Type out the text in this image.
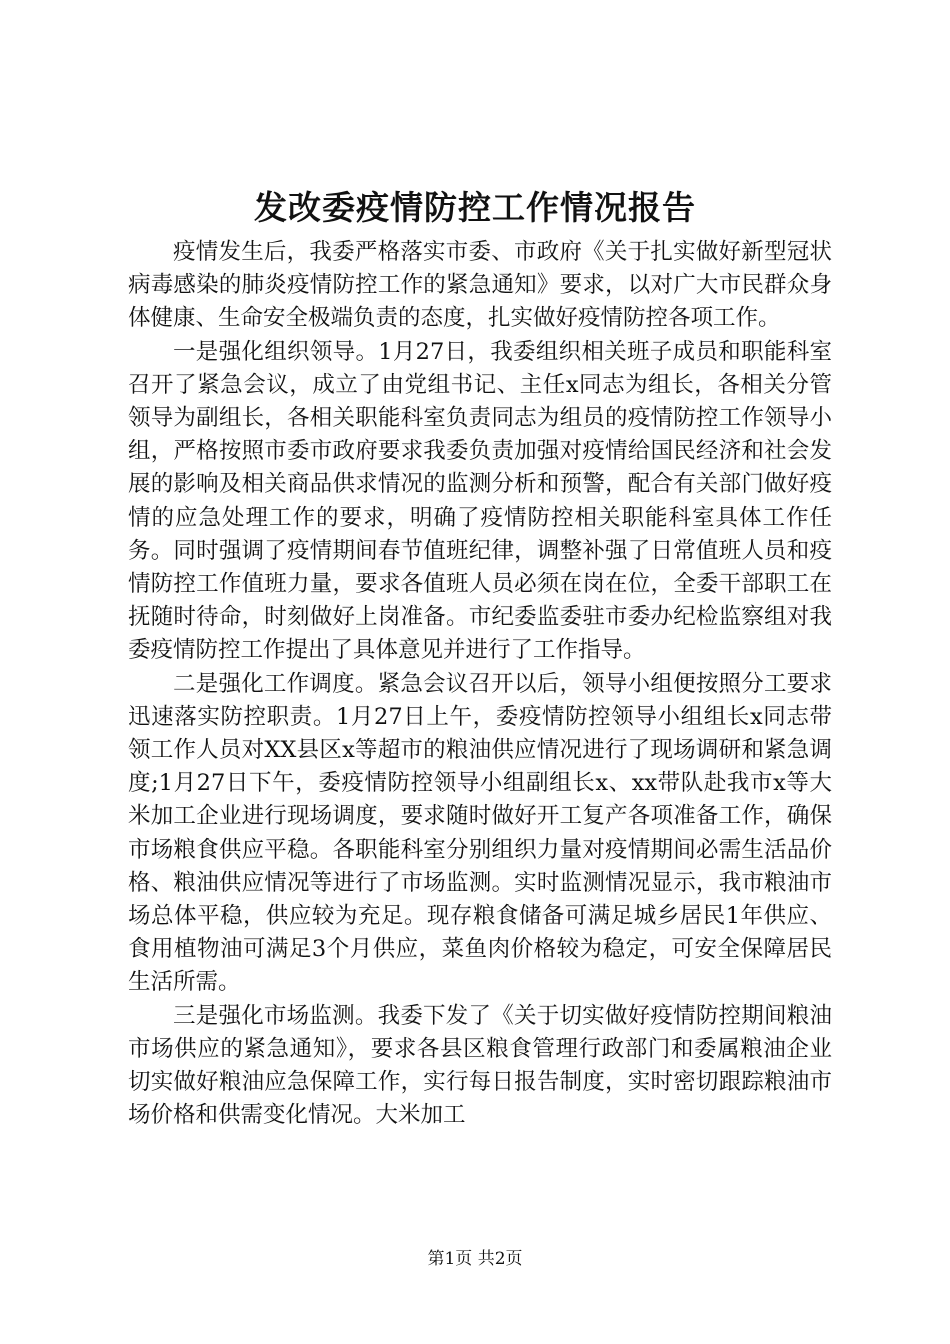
发改委疫情防控工作情况报告

疫情发生后，我委严格落实市委、市政府《关于扎实做好新型冠状病毒感染的肺炎疫情防控工作的紧急通知》要求，以对广大市民群众身体健康、生命安全极端负责的态度，扎实做好疫情防控各项工作。

一是强化组织领导。1月27日，我委组织相关班子成员和职能科室召开了紧急会议，成立了由党组书记、主任x同志为组长，各相关分管领导为副组长，各相关职能科室负责同志为组员的疫情防控工作领导小组，严格按照市委市政府要求我委负责加强对疫情给国民经济和社会发展的影响及相关商品供求情况的监测分析和预警，配合有关部门做好疫情的应急处理工作的要求，明确了疫情防控相关职能科室具体工作任务。同时强调了疫情期间春节值班纪律，调整补强了日常值班人员和疫情防控工作值班力量，要求各值班人员必须在岗在位，全委干部职工在抚随时待命，时刻做好上岗准备。市纪委监委驻市委办纪检监察组对我委疫情防控工作提出了具体意见并进行了工作指导。

二是强化工作调度。紧急会议召开以后，领导小组便按照分工要求迅速落实防控职责。1月27日上午，委疫情防控领导小组组长x同志带领工作人员对XX县区x等超市的粮油供应情况进行了现场调研和紧急调度;1月27日下午，委疫情防控领导小组副组长x、xx带队赴我市x等大米加工企业进行现场调度，要求随时做好开工复产各项准备工作，确保市场粮食供应平稳。各职能科室分别组织力量对疫情期间必需生活品价格、粮油供应情况等进行了市场监测。实时监测情况显示，我市粮油市场总体平稳，供应较为充足。现存粮食储备可满足城乡居民1年供应、食用植物油可满足3个月供应，菜鱼肉价格较为稳定，可安全保障居民生活所需。

三是强化市场监测。我委下发了《关于切实做好疫情防控期间粮油市场供应的紧急通知》，要求各县区粮食管理行政部门和委属粮油企业切实做好粮油应急保障工作，实行每日报告制度，实时密切跟踪粮油市场价格和供需变化情况。大米加工

第1页 共2页
